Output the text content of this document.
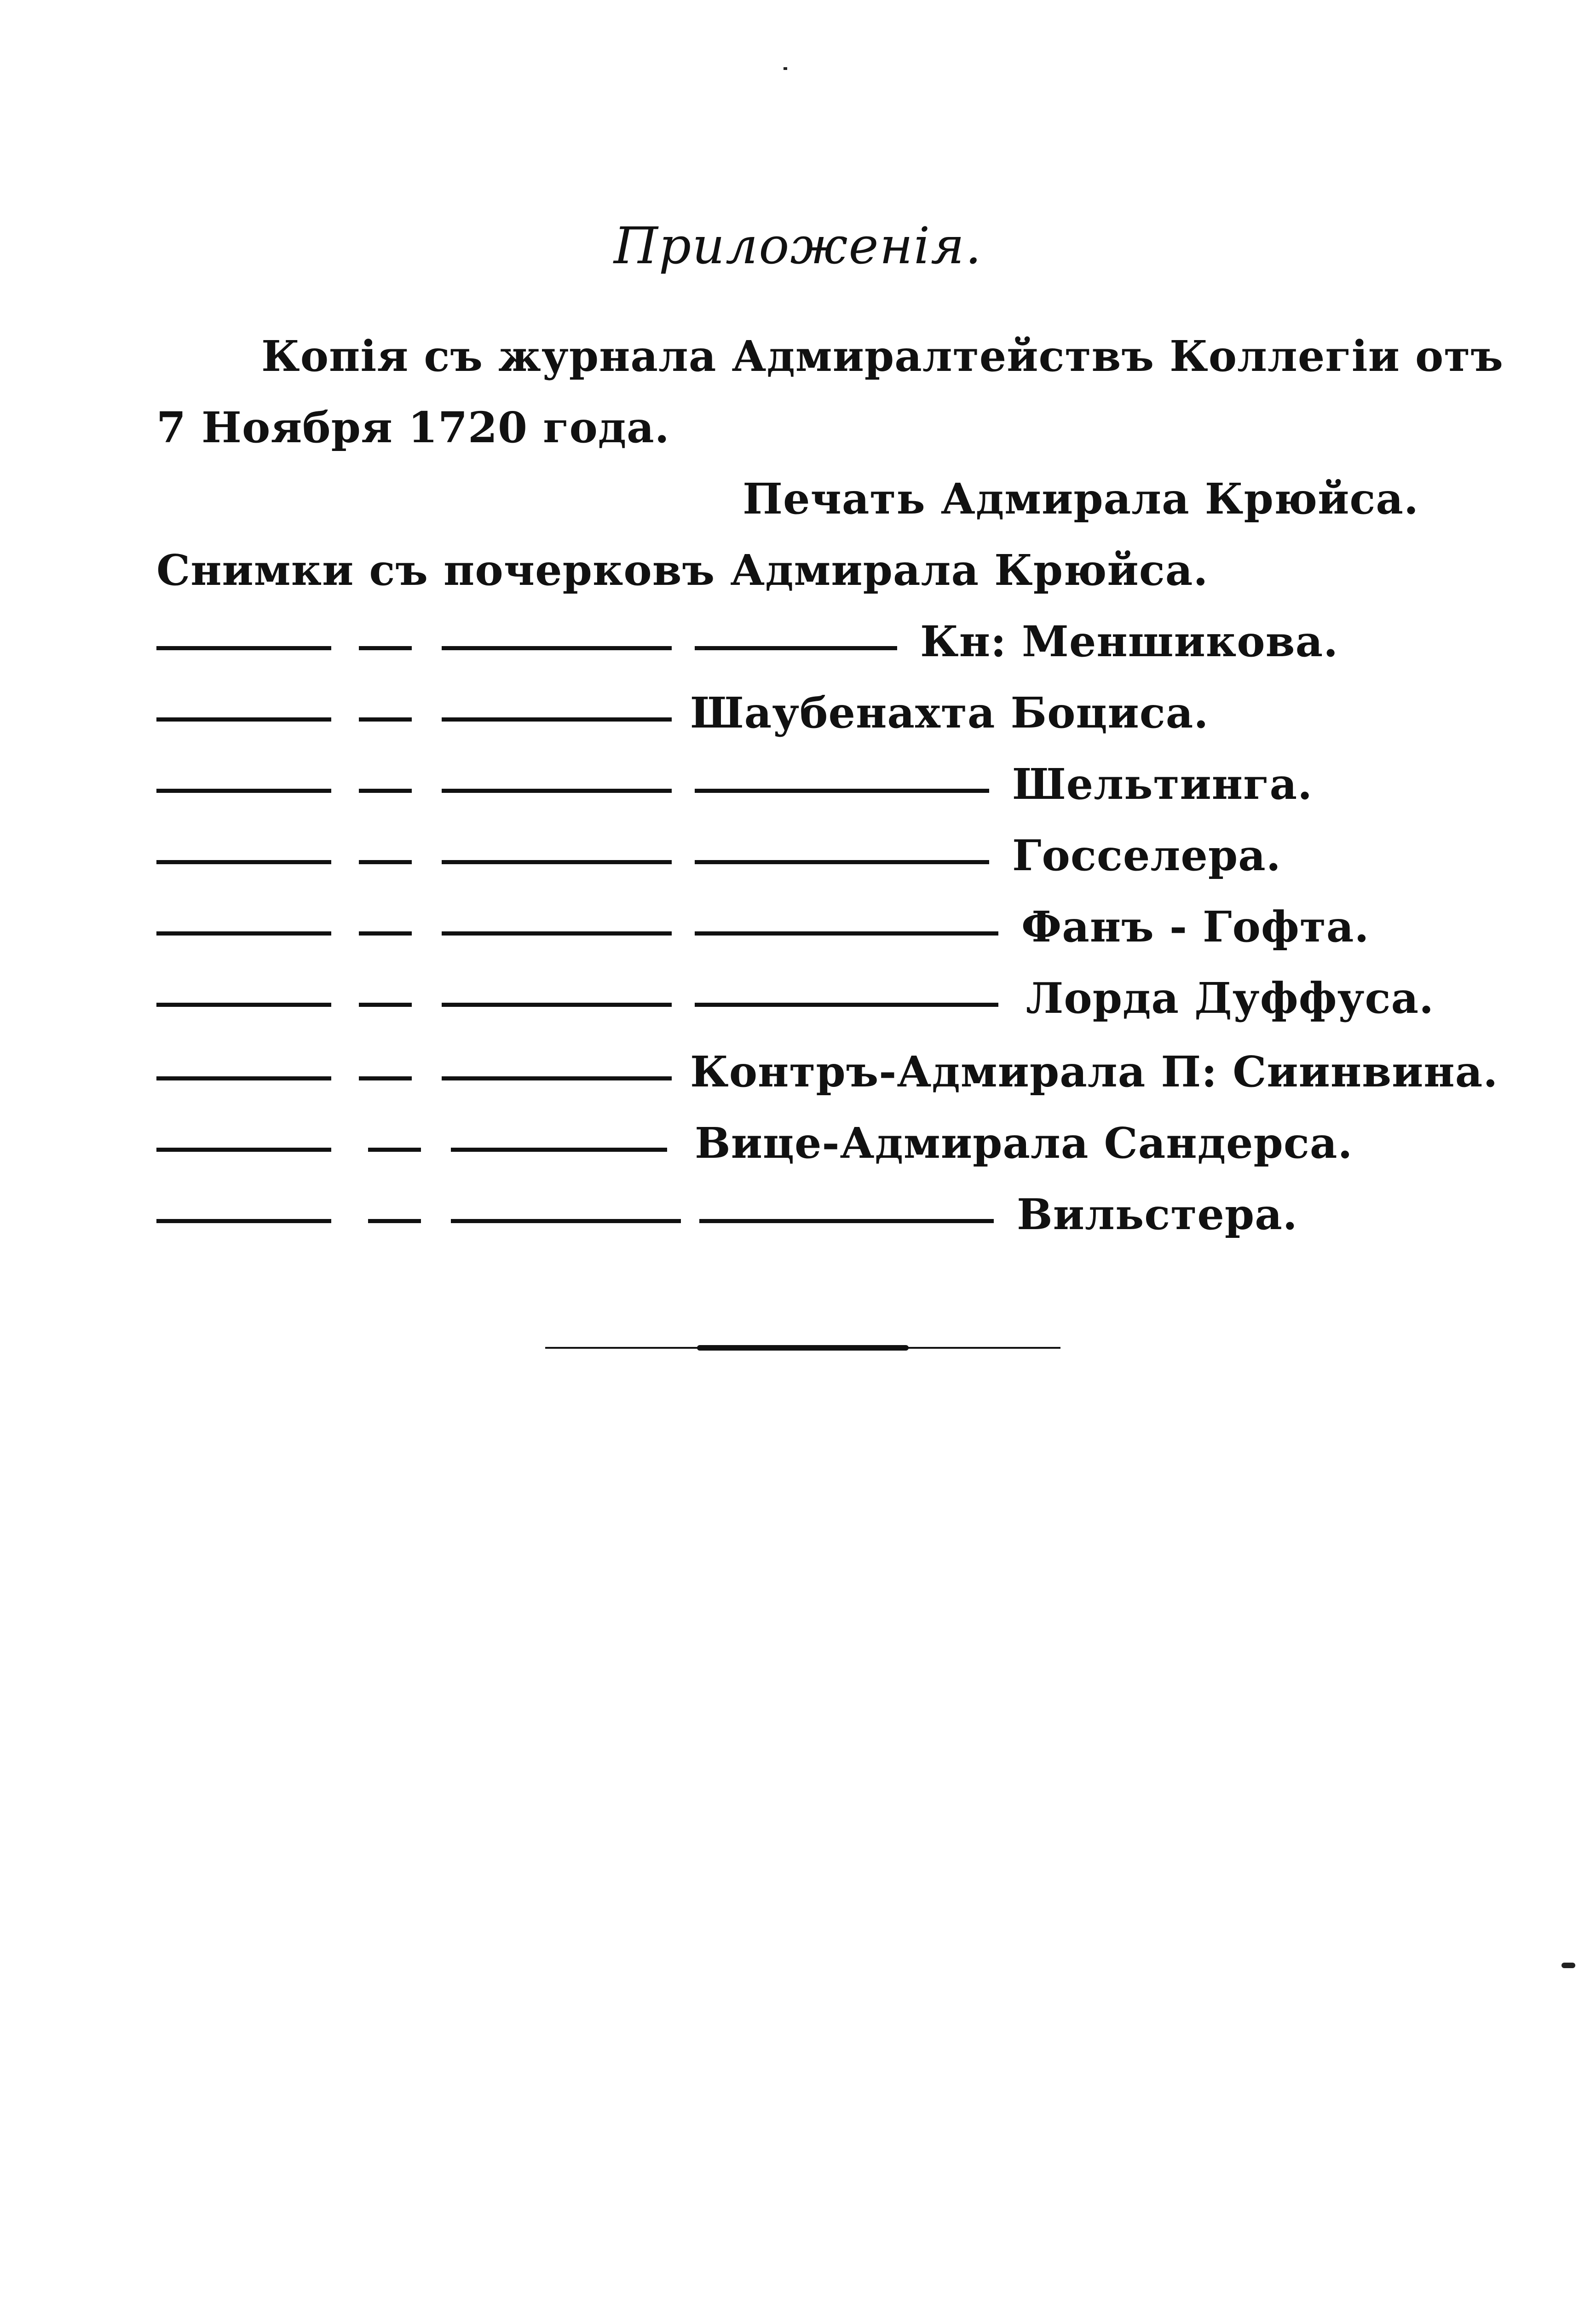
Приложенія.
Копія съ журнала Адмиралтействъ Коллегіи отъ
7 Ноября 1720 года.
Печать Адмирала Крюйса.
Снимки съ почерковъ Адмирала Крюйса.
Кн: Меншикова.
Шаубенахта Боциса.
Шельтинга.
Госселера.
Фанъ - Гофта.
Лорда Дуффуса.
Контръ-Адмирала П: Сиинвина.
Вице-Адмирала Сандерса.
Вильстера.
